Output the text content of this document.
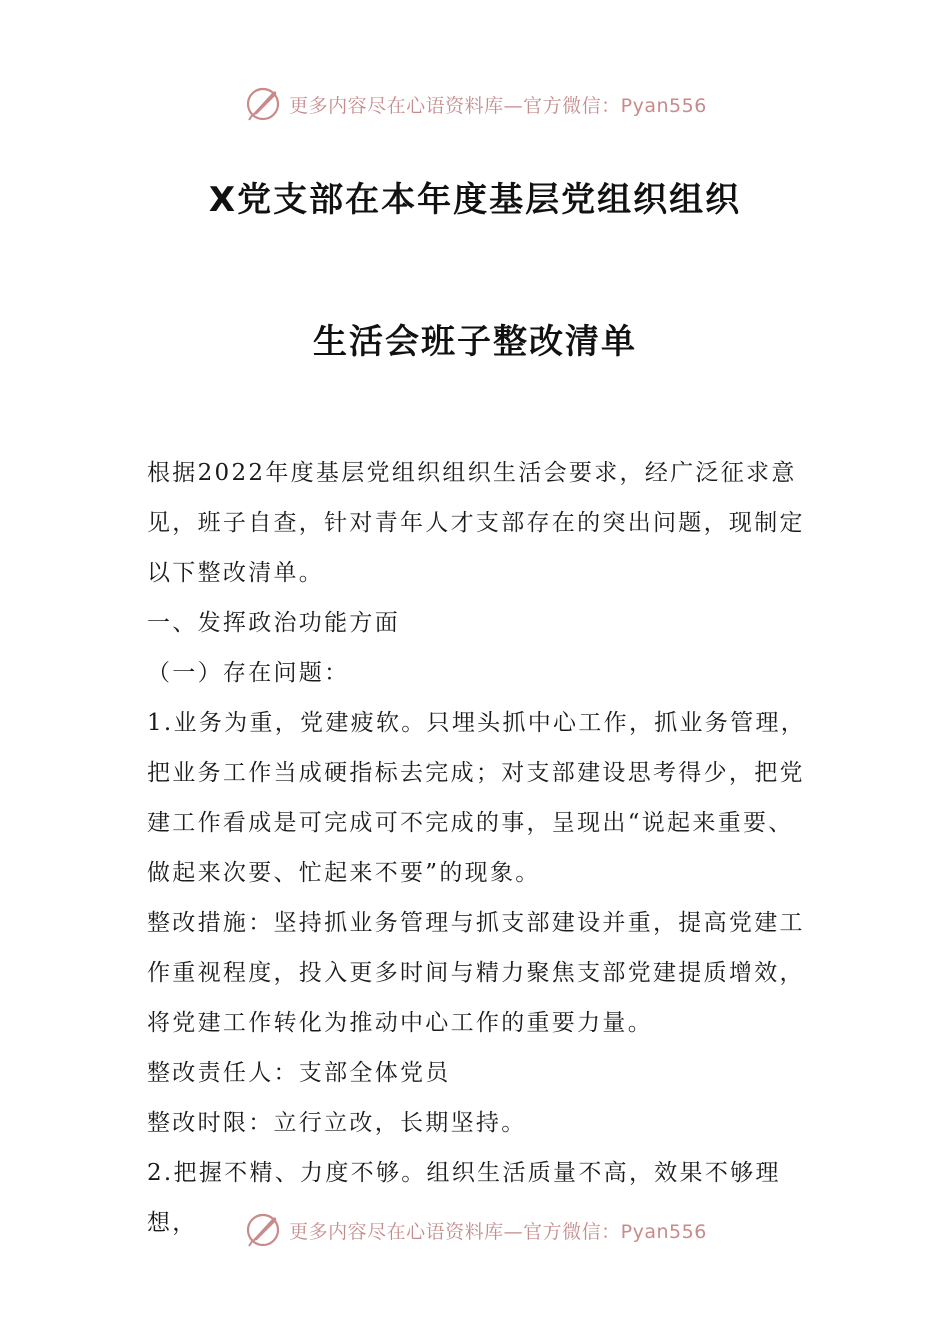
更多内容尽在心语资料库—官方微信：Pyan556
X党支部在本年度基层党组织组织
生活会班子整改清单

根据2022年度基层党组织组织生活会要求，经广泛征求意见，班子自查，针对青年人才支部存在的突出问题，现制定以下整改清单。

一、发挥政治功能方面

（一）存在问题：

1.业务为重，党建疲软。只埋头抓中心工作，抓业务管理，把业务工作当成硬指标去完成；对支部建设思考得少，把党建工作看成是可完成可不完成的事，呈现出“说起来重要、做起来次要、忙起来不要”的现象。

整改措施：坚持抓业务管理与抓支部建设并重，提高党建工作重视程度，投入更多时间与精力聚焦支部党建提质增效，将党建工作转化为推动中心工作的重要力量。

整改责任人：支部全体党员

整改时限：立行立改，长期坚持。

2.把握不精、力度不够。组织生活质量不高，效果不够理想，	更多内容尽在心语资料库—官方微信：Pyan556
